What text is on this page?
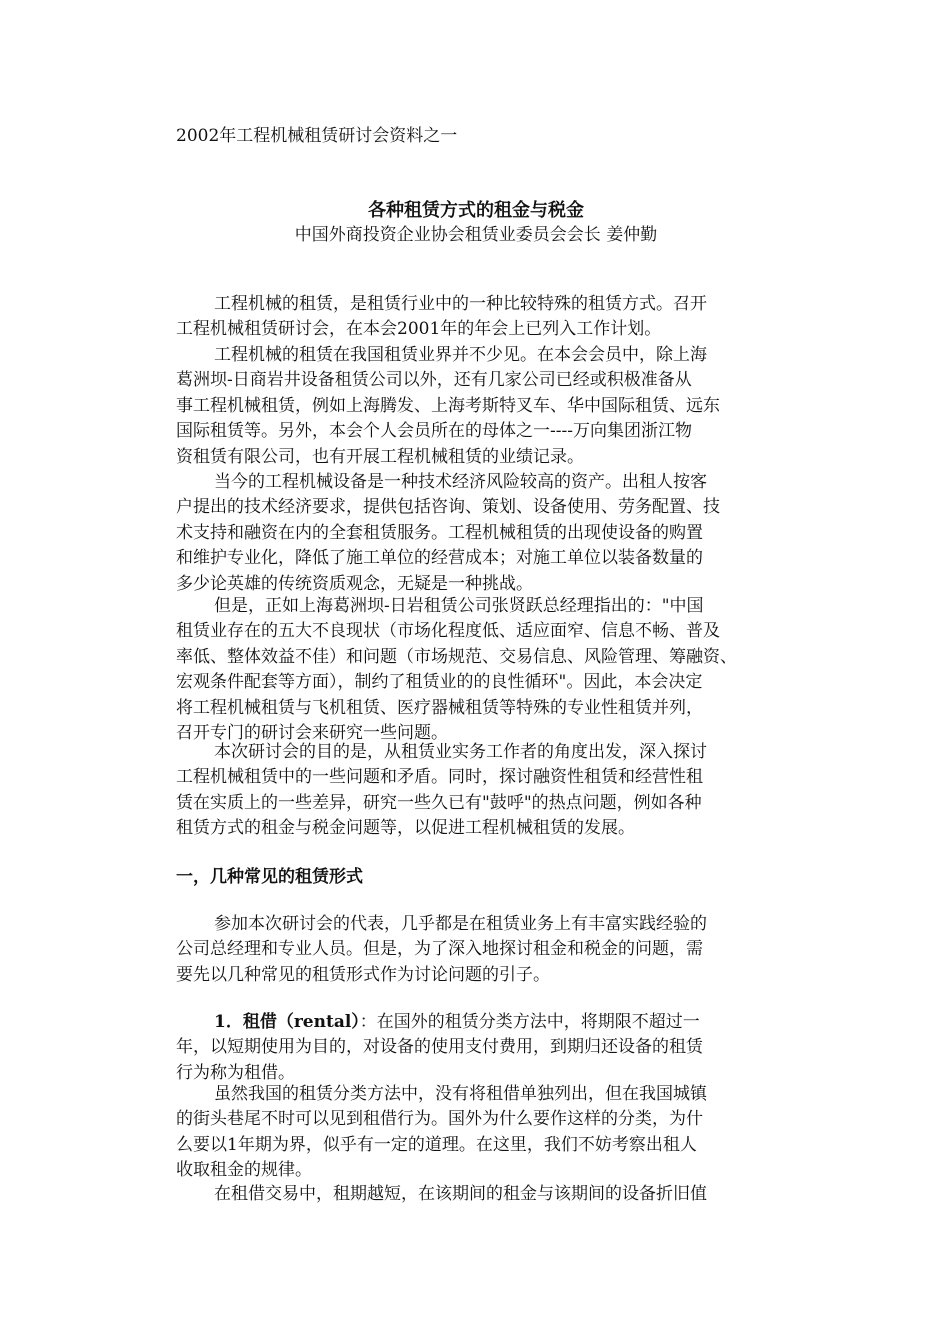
2002年工程机械租赁研讨会资料之一
各种租赁方式的租金与税金
中国外商投资企业协会租赁业委员会会长 姜仲勤
工程机械的租赁，是租赁行业中的一种比较特殊的租赁方式。召开
工程机械租赁研讨会，在本会2001年的年会上已列入工作计划。
工程机械的租赁在我国租赁业界并不少见。在本会会员中，除上海
葛洲坝-日商岩井设备租赁公司以外，还有几家公司已经或积极准备从
事工程机械租赁，例如上海腾发、上海考斯特叉车、华中国际租赁、远东
国际租赁等。另外，本会个人会员所在的母体之一----万向集团浙江物
资租赁有限公司，也有开展工程机械租赁的业绩记录。
当今的工程机械设备是一种技术经济风险较高的资产。出租人按客
户提出的技术经济要求，提供包括咨询、策划、设备使用、劳务配置、技
术支持和融资在内的全套租赁服务。工程机械租赁的出现使设备的购置
和维护专业化，降低了施工单位的经营成本；对施工单位以装备数量的
多少论英雄的传统资质观念，无疑是一种挑战。
但是，正如上海葛洲坝-日岩租赁公司张贤跃总经理指出的："中国
租赁业存在的五大不良现状（市场化程度低、适应面窄、信息不畅、普及
率低、整体效益不佳）和问题（市场规范、交易信息、风险管理、筹融资、
宏观条件配套等方面），制约了租赁业的的良性循环"。因此，本会决定
将工程机械租赁与飞机租赁、医疗器械租赁等特殊的专业性租赁并列，
召开专门的研讨会来研究一些问题。
本次研讨会的目的是，从租赁业实务工作者的角度出发，深入探讨
工程机械租赁中的一些问题和矛盾。同时，探讨融资性租赁和经营性租
赁在实质上的一些差异，研究一些久已有"鼓呼"的热点问题，例如各种
租赁方式的租金与税金问题等，以促进工程机械租赁的发展。
一，几种常见的租赁形式
参加本次研讨会的代表，几乎都是在租赁业务上有丰富实践经验的
公司总经理和专业人员。但是，为了深入地探讨租金和税金的问题，需
要先以几种常见的租赁形式作为讨论问题的引子。
1．租借（rental）：在国外的租赁分类方法中，将期限不超过一
年，以短期使用为目的，对设备的使用支付费用，到期归还设备的租赁
行为称为租借。
虽然我国的租赁分类方法中，没有将租借单独列出，但在我国城镇
的街头巷尾不时可以见到租借行为。国外为什么要作这样的分类，为什
么要以1年期为界，似乎有一定的道理。在这里，我们不妨考察出租人
收取租金的规律。
在租借交易中，租期越短，在该期间的租金与该期间的设备折旧值
